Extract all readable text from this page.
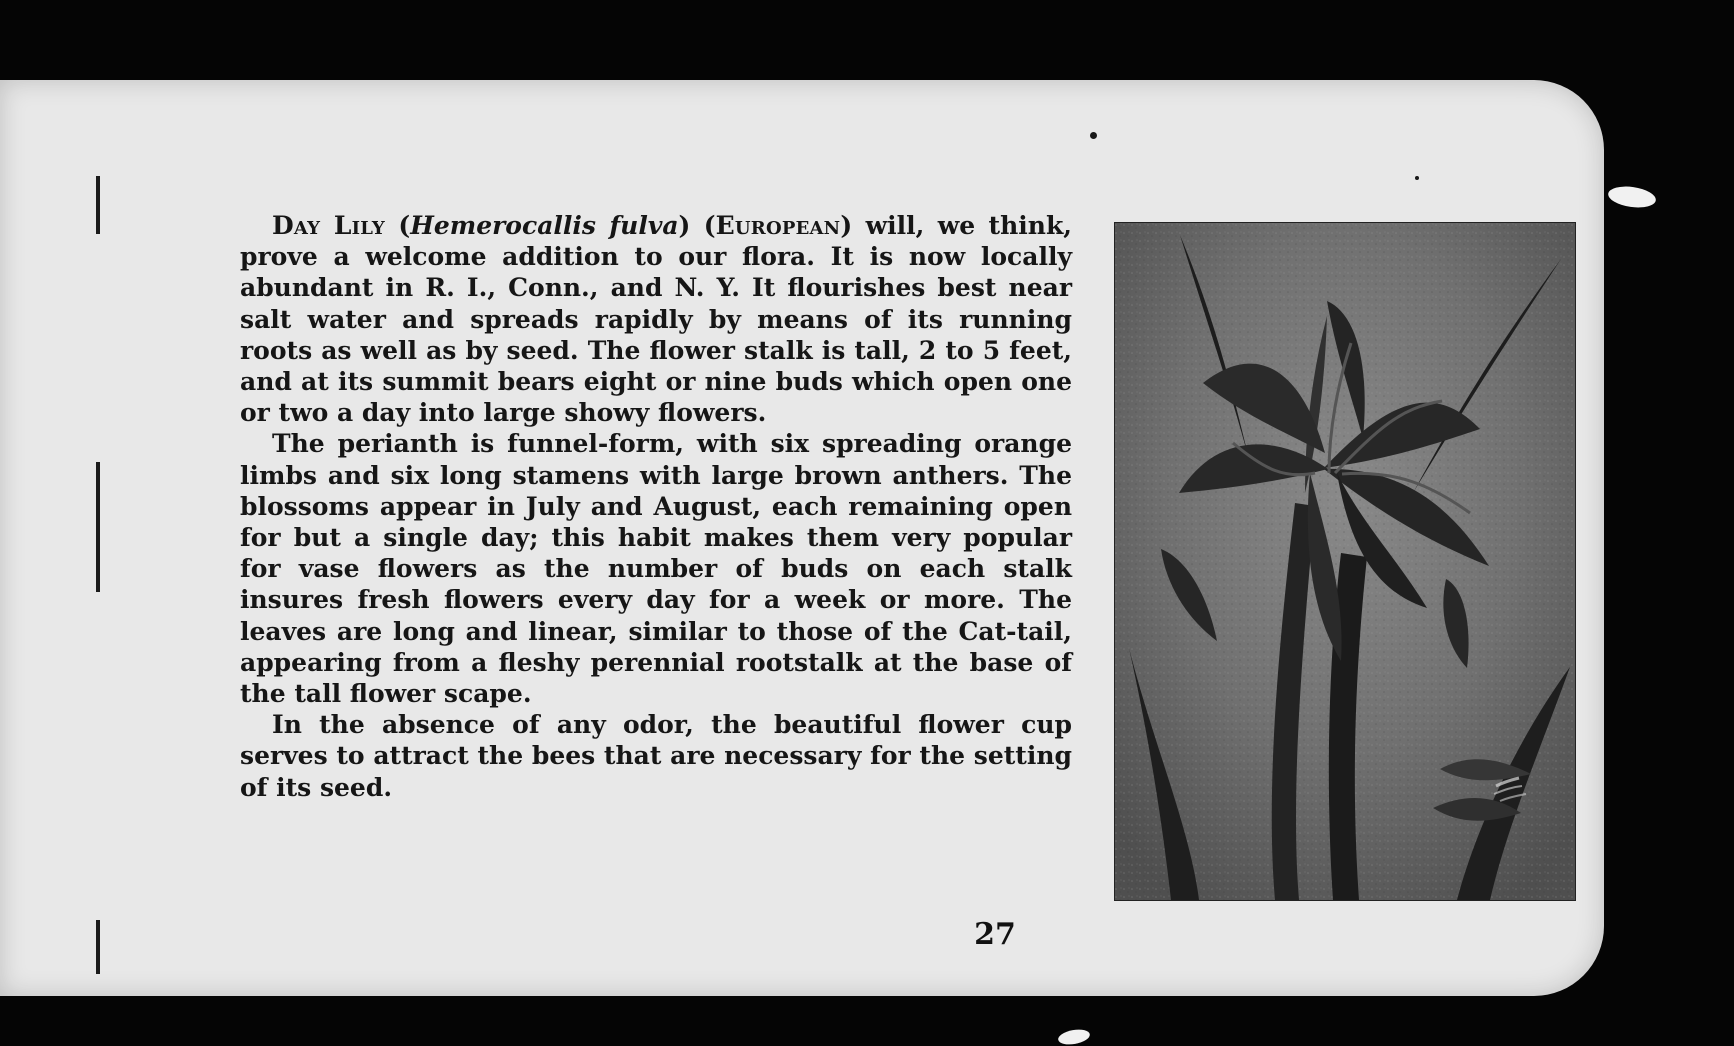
Day Lily (Hemerocallis fulva) (European) will, we think, prove a welcome addition to our flora. It is now locally abundant in R. I., Conn., and N. Y. It flourishes best near salt water and spreads rapidly by means of its running roots as well as by seed. The flower stalk is tall, 2 to 5 feet, and at its summit bears eight or nine buds which open one or two a day into large showy flowers.

The perianth is funnel-form, with six spreading orange limbs and six long stamens with large brown anthers. The blossoms appear in July and August, each remaining open for but a single day; this habit makes them very popular for vase flowers as the number of buds on each stalk insures fresh flowers every day for a week or more. The leaves are long and linear, similar to those of the Cat-tail, appearing from a fleshy perennial rootstalk at the base of the tall flower scape.

In the absence of any odor, the beautiful flower cup serves to attract the bees that are necessary for the setting of its seed.

27
